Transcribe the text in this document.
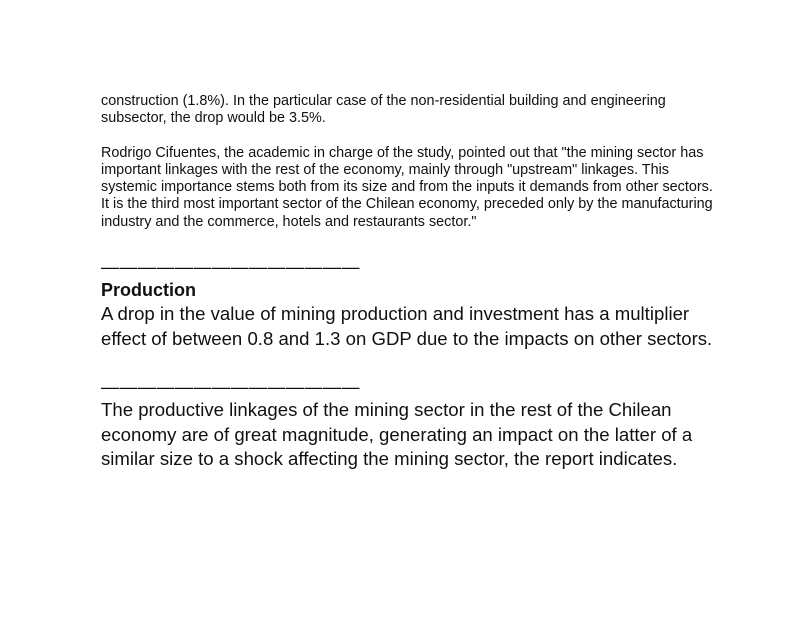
construction (1.8%). In the particular case of the non-residential building and engineering subsector, the drop would be 3.5%.

Rodrigo Cifuentes, the academic in charge of the study, pointed out that "the mining sector has important linkages with the rest of the economy, mainly through "upstream" linkages. This systemic importance stems both from its size and from the inputs it demands from other sectors. It is the third most important sector of the Chilean economy, preceded only by the manufacturing industry and the commerce, hotels and restaurants sector."

——————————————

Production

A drop in the value of mining production and investment has a multiplier effect of between 0.8 and 1.3 on GDP due to the impacts on other sectors.

——————————————

The productive linkages of the mining sector in the rest of the Chilean economy are of great magnitude, generating an impact on the latter of a similar size to a shock affecting the mining sector, the report indicates.
